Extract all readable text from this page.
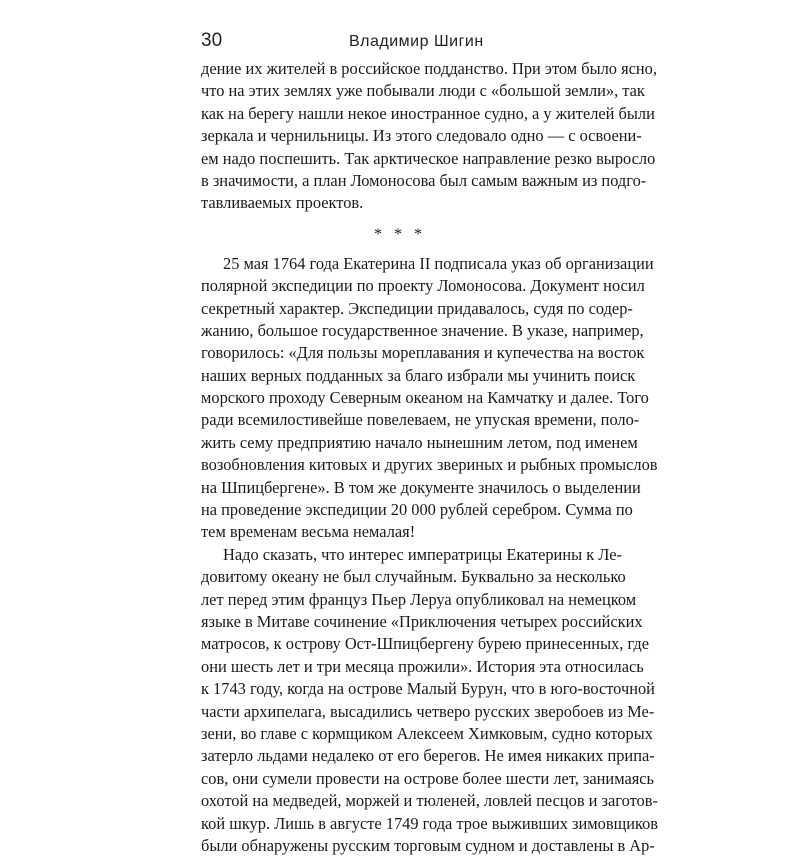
30	Владимир Шигин
дение их жителей в российское подданство. При этом было ясно,
что на этих землях уже побывали люди с «большой земли», так
как на берегу нашли некое иностранное судно, а у жителей были
зеркала и чернильницы. Из этого следовало одно — с освоени-
ем надо поспешить. Так арктическое направление резко выросло
в значимости, а план Ломоносова был самым важным из подго-
тавливаемых проектов.
* * *
25 мая 1764 года Екатерина II подписала указ об организации
полярной экспедиции по проекту Ломоносова. Документ носил
секретный характер. Экспедиции придавалось, судя по содер-
жанию, большое государственное значение. В указе, например,
говорилось: «Для пользы мореплавания и купечества на восток
наших верных подданных за благо избрали мы учинить поиск
морского проходу Северным океаном на Камчатку и далее. Того
ради всемилостивейше повелеваем, не упуская времени, поло-
жить сему предприятию начало нынешним летом, под именем
возобновления китовых и других звериных и рыбных промыслов
на Шпицбергене». В том же документе значилось о выделении
на проведение экспедиции 20 000 рублей серебром. Сумма по
тем временам весьма немалая!
Надо сказать, что интерес императрицы Екатерины к Ле-
довитому океану не был случайным. Буквально за несколько
лет перед этим француз Пьер Леруа опубликовал на немецком
языке в Митаве сочинение «Приключения четырех российских
матросов, к острову Ост-Шпицбергену бурею принесенных, где
они шесть лет и три месяца прожили». История эта относилась
к 1743 году, когда на острове Малый Бурун, что в юго-восточной
части архипелага, высадились четверо русских зверобоев из Ме-
зени, во главе с кормщиком Алексеем Химковым, судно которых
затерло льдами недалеко от его берегов. Не имея никаких припа-
сов, они сумели провести на острове более шести лет, занимаясь
охотой на медведей, моржей и тюленей, ловлей песцов и заготов-
кой шкур. Лишь в августе 1749 года трое выживших зимовщиков
были обнаружены русским торговым судном и доставлены в Ар-
